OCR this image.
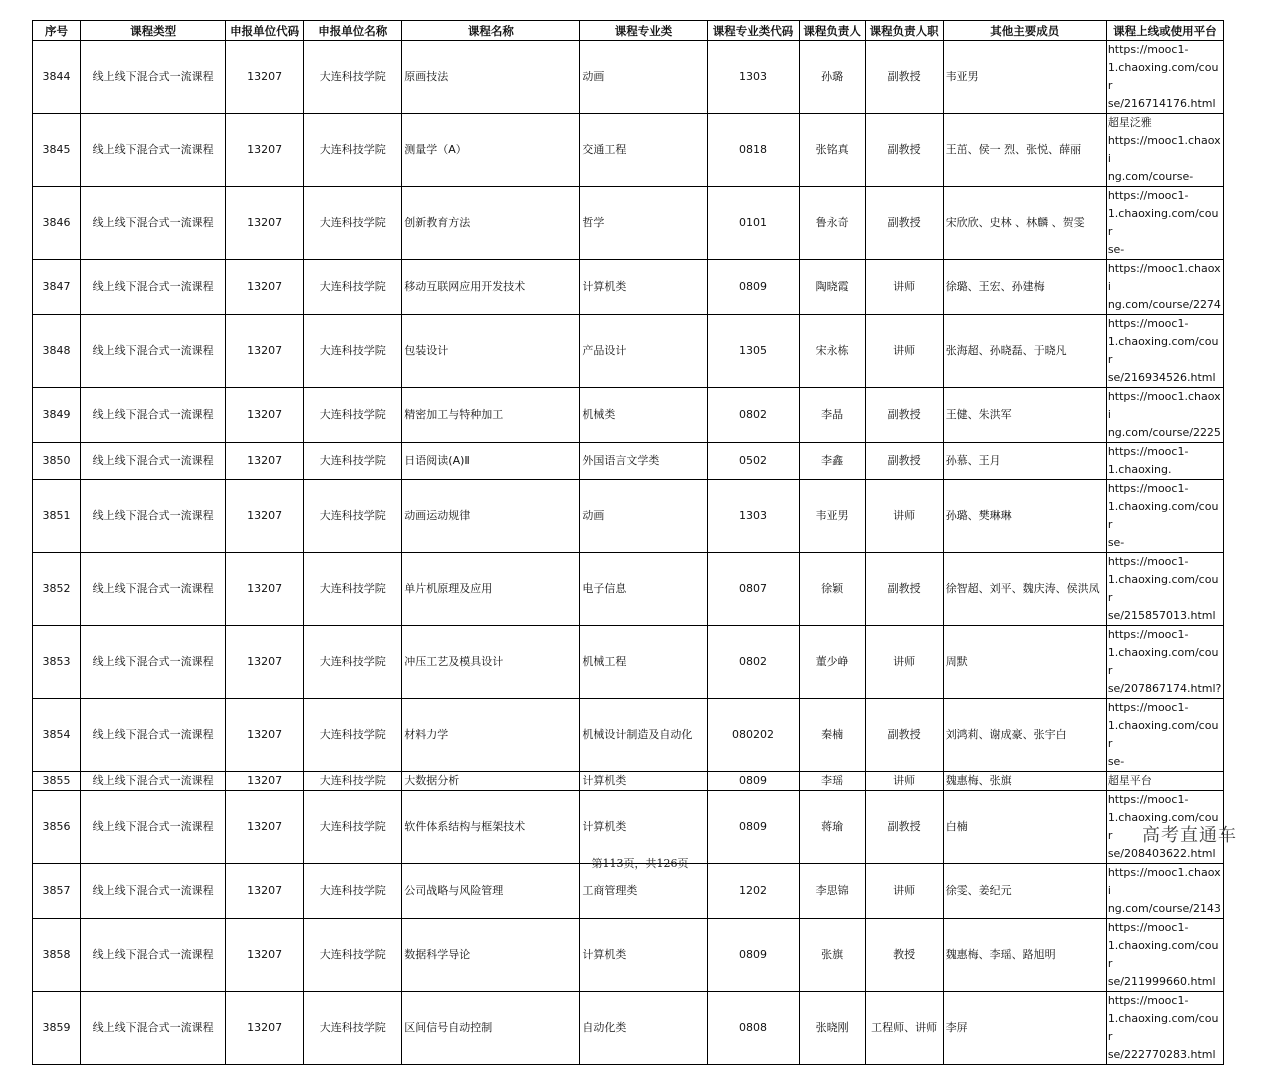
序号	课程类型	申报单位代码	申报单位名称	课程名称	课程专业类	课程专业类代码	课程负责人	课程负责人职	其他主要成员	课程上线或使用平台
3844	线上线下混合式一流课程	13207	大连科技学院	原画技法	动画	1303	孙璐	副教授	韦亚男	https://mooc1-
1.chaoxing.com/cour
se/216714176.html
3845	线上线下混合式一流课程	13207	大连科技学院	测量学（A）	交通工程	0818	张铭真	副教授	王茁、侯一 烈、张悦、薛丽	超星泛雅
https://mooc1.chaoxi
ng.com/course-
3846	线上线下混合式一流课程	13207	大连科技学院	创新教育方法	哲学	0101	鲁永奇	副教授	宋欣欣、史林 、林麟 、贺雯	https://mooc1-
1.chaoxing.com/cour
se-
3847	线上线下混合式一流课程	13207	大连科技学院	移动互联网应用开发技术	计算机类	0809	陶晓霞	讲师	徐璐、王宏、孙建梅	https://mooc1.chaoxi
ng.com/course/2274
3848	线上线下混合式一流课程	13207	大连科技学院	包装设计	产品设计	1305	宋永栋	讲师	张海超、孙晓磊、于晓凡	https://mooc1-
1.chaoxing.com/cour
se/216934526.html
3849	线上线下混合式一流课程	13207	大连科技学院	精密加工与特种加工	机械类	0802	李晶	副教授	王健、朱洪军	https://mooc1.chaoxi
ng.com/course/2225
3850	线上线下混合式一流课程	13207	大连科技学院	日语阅读(A)Ⅱ	外国语言文学类	0502	李鑫	副教授	孙慕、王月	https://mooc1-
1.chaoxing.
3851	线上线下混合式一流课程	13207	大连科技学院	动画运动规律	动画	1303	韦亚男	讲师	孙璐、樊琳琳	https://mooc1-
1.chaoxing.com/cour
se-
3852	线上线下混合式一流课程	13207	大连科技学院	单片机原理及应用	电子信息	0807	徐颖	副教授	徐智超、刘平、魏庆涛、侯洪凤	https://mooc1-
1.chaoxing.com/cour
se/215857013.html
3853	线上线下混合式一流课程	13207	大连科技学院	冲压工艺及模具设计	机械工程	0802	董少峥	讲师	周默	https://mooc1-
1.chaoxing.com/cour
se/207867174.html?
3854	线上线下混合式一流课程	13207	大连科技学院	材料力学	机械设计制造及自动化	080202	秦楠	副教授	刘鸿莉、谢成豪、张宇白	https://mooc1-
1.chaoxing.com/cour
se-
3855	线上线下混合式一流课程	13207	大连科技学院	大数据分析	计算机类	0809	李瑶	讲师	魏惠梅、张旗	超星平台
3856	线上线下混合式一流课程	13207	大连科技学院	软件体系结构与框架技术	计算机类	0809	蒋瑜	副教授	白楠	https://mooc1-
1.chaoxing.com/cour
se/208403622.html
3857	线上线下混合式一流课程	13207	大连科技学院	公司战略与风险管理	工商管理类	1202	李思锦	讲师	徐雯、姜纪元	https://mooc1.chaoxi
ng.com/course/2143
3858	线上线下混合式一流课程	13207	大连科技学院	数据科学导论	计算机类	0809	张旗	教授	魏惠梅、李瑶、路旭明	https://mooc1-
1.chaoxing.com/cour
se/211999660.html
3859	线上线下混合式一流课程	13207	大连科技学院	区间信号自动控制	自动化类	0808	张晓刚	工程师、讲师	李屏	https://mooc1-
1.chaoxing.com/cour
se/222770283.html
第113页，共126页
高考直通车
